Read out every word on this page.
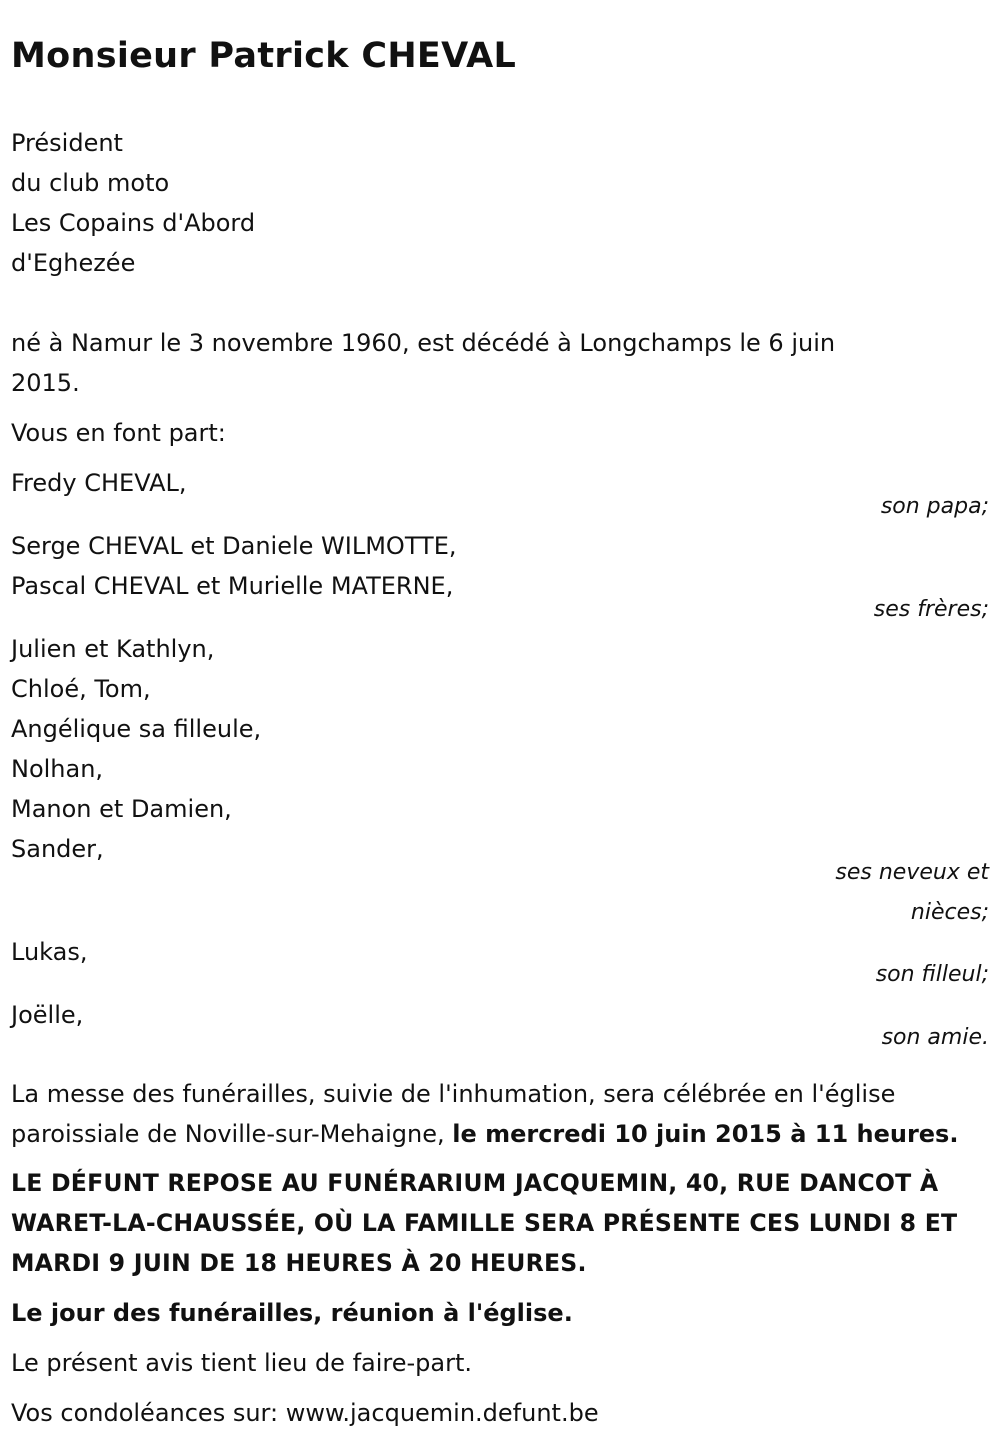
Monsieur Patrick CHEVAL
Président
du club moto
Les Copains d'Abord
d'Eghezée
né à Namur le 3 novembre 1960, est décédé à Longchamps le 6 juin
2015.
Vous en font part:
Fredy CHEVAL,
son papa;
Serge CHEVAL et Daniele WILMOTTE,
Pascal CHEVAL et Murielle MATERNE,
ses frères;
Julien et Kathlyn,
Chloé, Tom,
Angélique sa filleule,
Nolhan,
Manon et Damien,
Sander,
ses neveux et
nièces;
Lukas,
son filleul;
Joëlle,
son amie.
La messe des funérailles, suivie de l'inhumation, sera célébrée en l'église
paroissiale de Noville-sur-Mehaigne, le mercredi 10 juin 2015 à 11 heures.
LE DÉFUNT REPOSE AU FUNÉRARIUM JACQUEMIN, 40, RUE DANCOT À
WARET-LA-CHAUSSÉE, OÙ LA FAMILLE SERA PRÉSENTE CES LUNDI 8 ET
MARDI 9 JUIN DE 18 HEURES À 20 HEURES.
Le jour des funérailles, réunion à l'église.
Le présent avis tient lieu de faire-part.
Vos condoléances sur: www.jacquemin.defunt.be
